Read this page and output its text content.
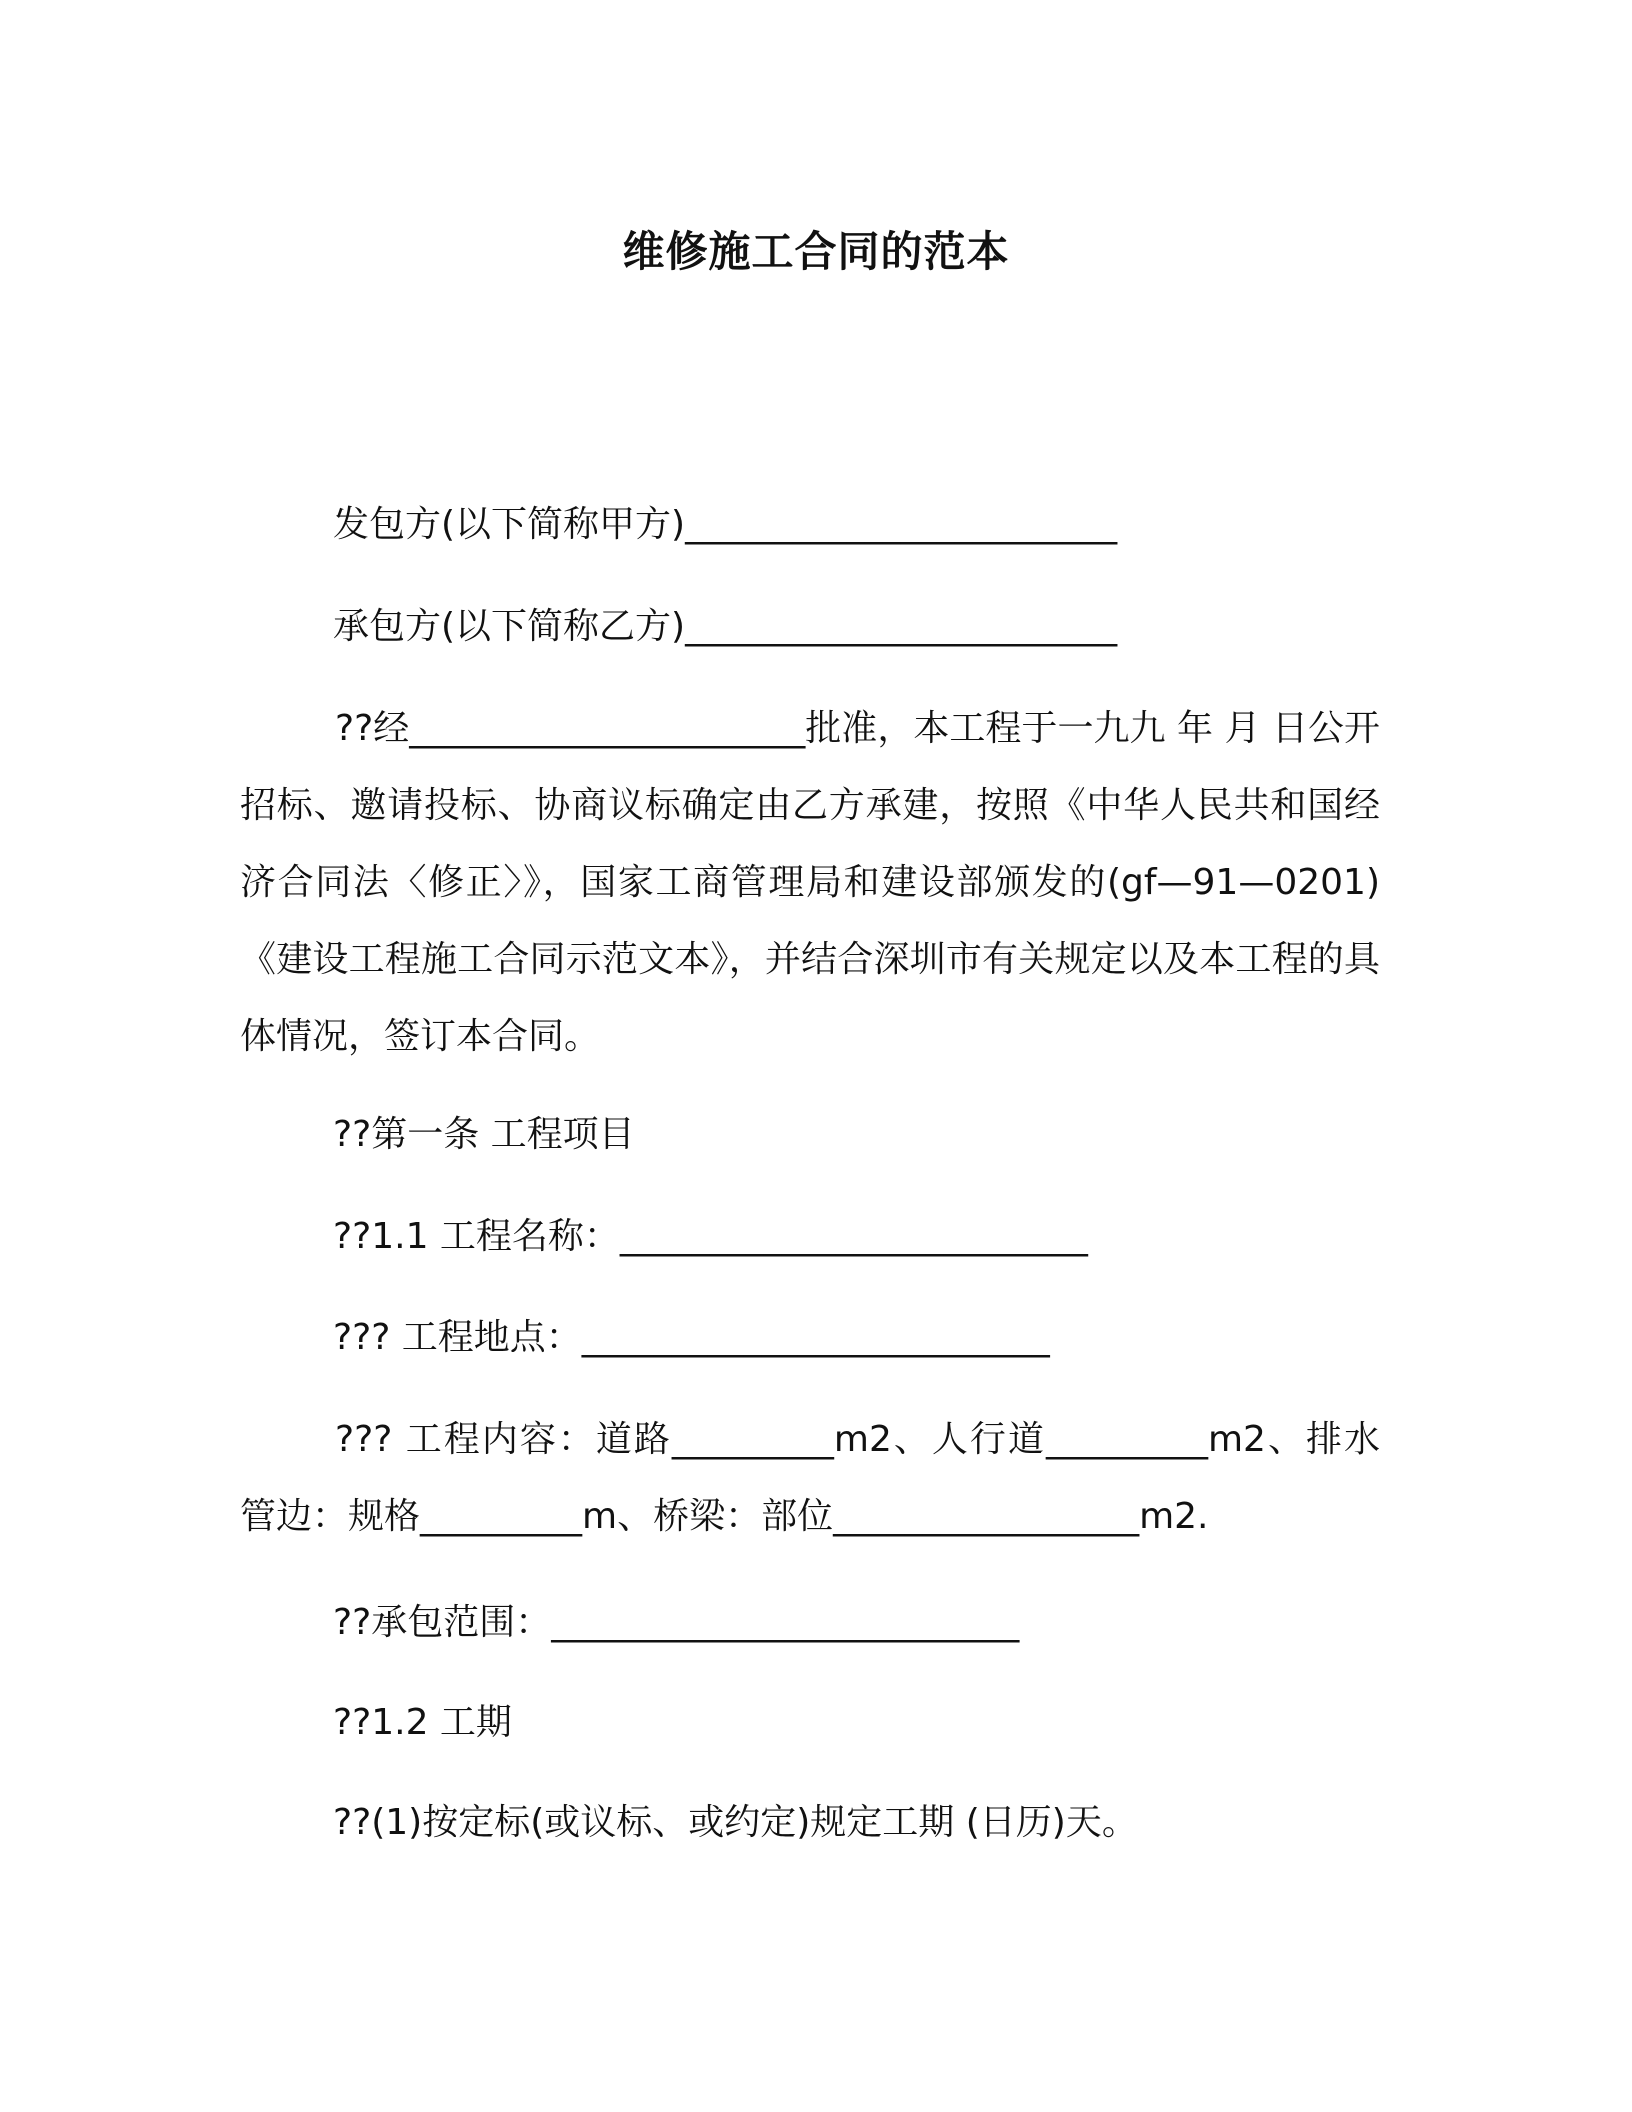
维修施工合同的范本
发包方(以下简称甲方)________________________
承包方(以下简称乙方)________________________
??经______________________批准，本工程于一九九 年 月 日公开招标、邀请投标、协商议标确定由乙方承建，按照《中华人民共和国经济合同法〈修正〉》，国家工商管理局和建设部颁发的(gf—91—0201)《建设工程施工合同示范文本》，并结合深圳市有关规定以及本工程的具体情况，签订本合同。
??第一条 工程项目
??1.1 工程名称：__________________________
??? 工程地点：__________________________
??? 工程内容：道路_________m2、人行道_________m2、排水管边：规格_________m、桥梁：部位_________________m2.
??承包范围：__________________________
??1.2 工期
??(1)按定标(或议标、或约定)规定工期 (日历)天。
